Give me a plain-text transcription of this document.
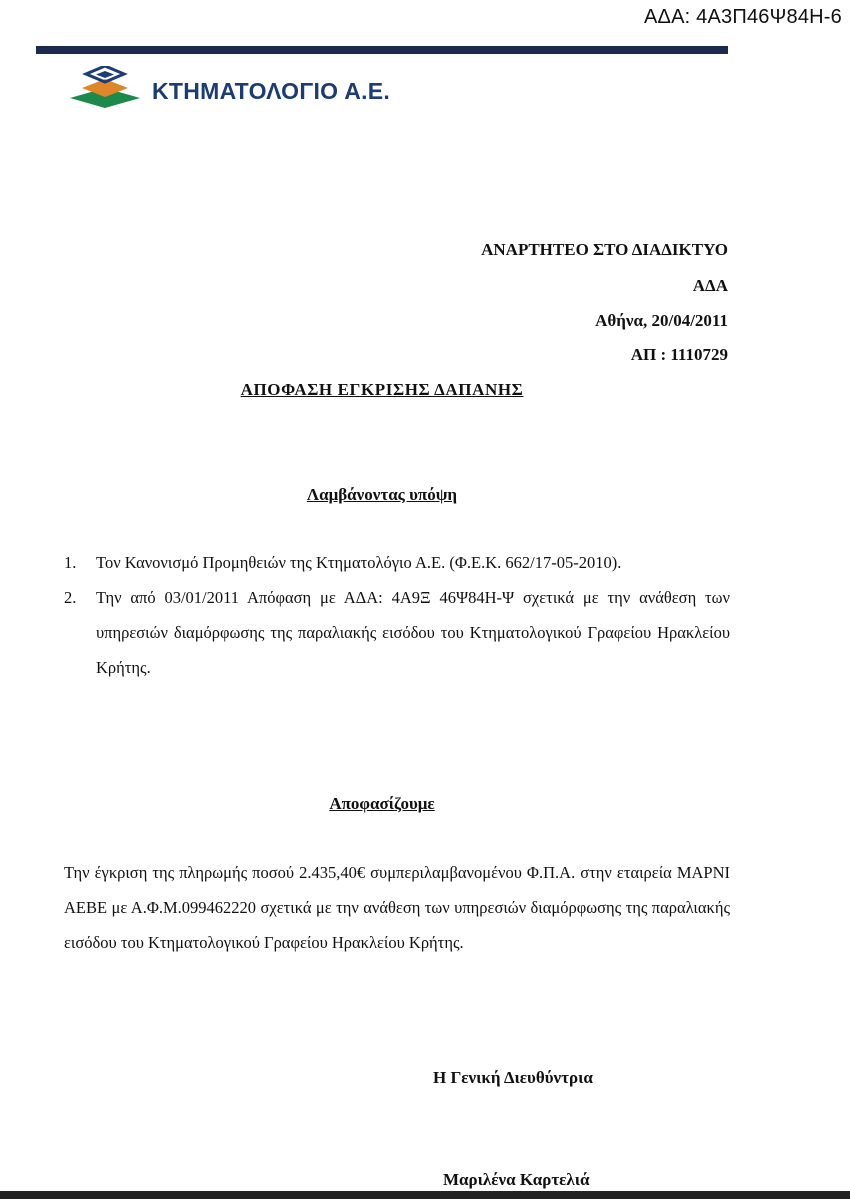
ΑΔΑ: 4Α3Π46Ψ84Η-6
ΚΤΗΜΑΤΟΛΟΓΙΟ Α.Ε.
ΑΝΑΡΤΗΤΕΟ ΣΤΟ ΔΙΑΔΙΚΤΥΟ
ΑΔΑ
Αθήνα, 20/04/2011
ΑΠ : 1110729
ΑΠΟΦΑΣΗ ΕΓΚΡΙΣΗΣ ΔΑΠΑΝΗΣ
Λαμβάνοντας υπόψη
1. Τον Κανονισμό Προμηθειών της Κτηματολόγιο Α.Ε. (Φ.Ε.Κ. 662/17-05-2010).
2. Την από 03/01/2011 Απόφαση με ΑΔΑ: 4Α9Ξ 46Ψ84Η-Ψ σχετικά με την ανάθεση των υπηρεσιών διαμόρφωσης της παραλιακής εισόδου του Κτηματολογικού Γραφείου Ηρακλείου Κρήτης.
Αποφασίζουμε
Την έγκριση της πληρωμής ποσού 2.435,40€ συμπεριλαμβανομένου Φ.Π.Α. στην εταιρεία ΜΑΡΝΙ ΑΕΒΕ με Α.Φ.Μ.099462220 σχετικά με την ανάθεση των υπηρεσιών διαμόρφωσης της παραλιακής εισόδου του Κτηματολογικού Γραφείου Ηρακλείου Κρήτης.
Η Γενική Διευθύντρια
Μαριλένα Καρτελιά
